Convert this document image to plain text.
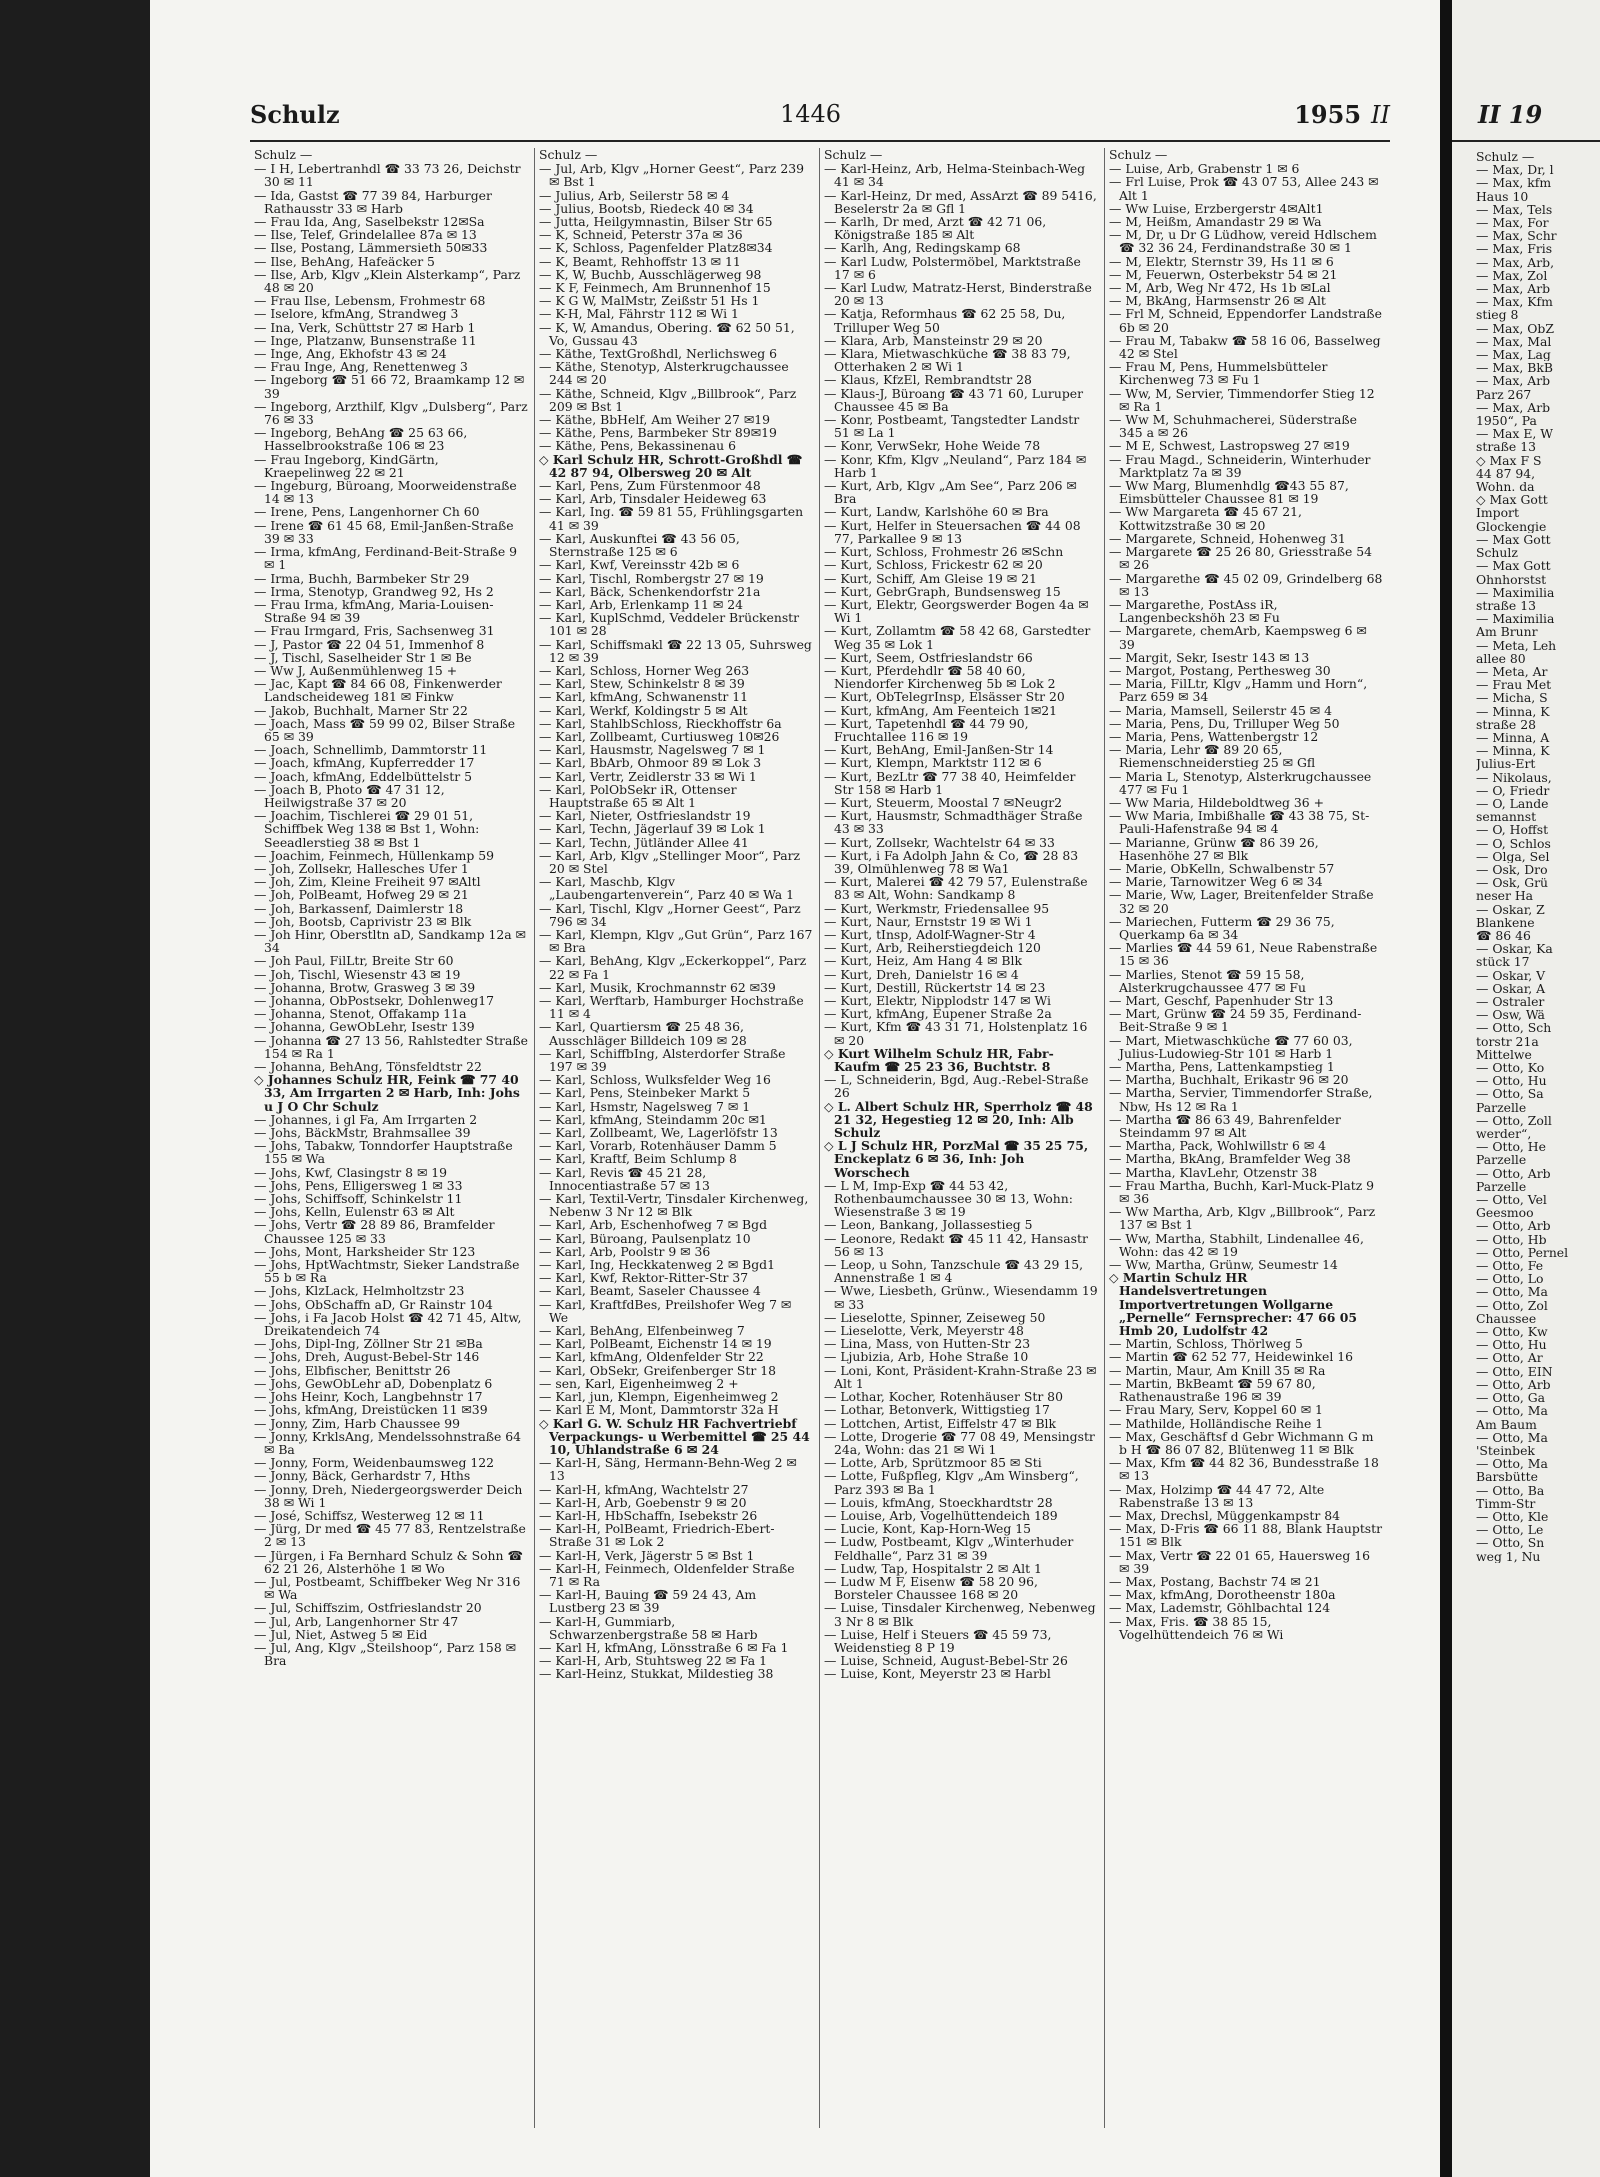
Schulz	1446	1955 II
Schulz —

— I H, Lebertranhdl ☎ 33 73 26, Deichstr 30 ✉ 11

— Ida, Gastst ☎ 77 39 84, Harburger Rathausstr 33 ✉ Harb

— Frau Ida, Ang, Saselbekstr 12✉Sa

— Ilse, Telef, Grindelallee 87a ✉ 13

— Ilse, Postang, Lämmersieth 50✉33

— Ilse, BehAng, Hafeäcker 5

— Ilse, Arb, Klgv „Klein Alsterkamp“, Parz 48 ✉ 20

— Frau Ilse, Lebensm, Frohmestr 68

— Iselore, kfmAng, Strandweg 3

— Ina, Verk, Schüttstr 27 ✉ Harb 1

— Inge, Platzanw, Bunsenstraße 11

— Inge, Ang, Ekhofstr 43 ✉ 24

— Frau Inge, Ang, Renettenweg 3

— Ingeborg ☎ 51 66 72, Braamkamp 12 ✉ 39

— Ingeborg, Arzthilf, Klgv „Dulsberg“, Parz 76 ✉ 33

— Ingeborg, BehAng ☎ 25 63 66, Hasselbrookstraße 106 ✉ 23

— Frau Ingeborg, KindGärtn, Kraepelinweg 22 ✉ 21

— Ingeburg, Büroang, Moorweidenstraße 14 ✉ 13

— Irene, Pens, Langenhorner Ch 60

— Irene ☎ 61 45 68, Emil-Janßen-Straße 39 ✉ 33

— Irma, kfmAng, Ferdinand-Beit-Straße 9 ✉ 1

— Irma, Buchh, Barmbeker Str 29

— Irma, Stenotyp, Grandweg 92, Hs 2

— Frau Irma, kfmAng, Maria-Louisen-Straße 94 ✉ 39

— Frau Irmgard, Fris, Sachsenweg 31

— J, Pastor ☎ 22 04 51, Immenhof 8

— J, Tischl, Saselheider Str 1 ✉ Be

— Ww J, Außenmühlenweg 15 +

— Jac, Kapt ☎ 84 66 08, Finkenwerder Landscheideweg 181 ✉ Finkw

— Jakob, Buchhalt, Marner Str 22

— Joach, Mass ☎ 59 99 02, Bilser Straße 65 ✉ 39

— Joach, Schnellimb, Dammtorstr 11

— Joach, kfmAng, Kupferredder 17

— Joach, kfmAng, Eddelbüttelstr 5

— Joach B, Photo ☎ 47 31 12, Heilwigstraße 37 ✉ 20

— Joachim, Tischlerei ☎ 29 01 51, Schiffbek Weg 138 ✉ Bst 1, Wohn: Seeadlerstieg 38 ✉ Bst 1

— Joachim, Feinmech, Hüllenkamp 59

— Joh, Zollsekr, Hallesches Ufer 1

— Joh, Zim, Kleine Freiheit 97 ✉Altl

— Joh, PolBeamt, Hofweg 29 ✉ 21

— Joh, Barkassenf, Daimlerstr 18

— Joh, Bootsb, Caprivistr 23 ✉ Blk

— Joh Hinr, Oberstltn aD, Sandkamp 12a ✉ 34

— Joh Paul, FilLtr, Breite Str 60

— Joh, Tischl, Wiesenstr 43 ✉ 19

— Johanna, Brotw, Grasweg 3 ✉ 39

— Johanna, ObPostsekr, Dohlenweg17

— Johanna, Stenot, Offakamp 11a

— Johanna, GewObLehr, Isestr 139

— Johanna ☎ 27 13 56, Rahlstedter Straße 154 ✉ Ra 1

— Johanna, BehAng, Tönsfeldtstr 22

◇ Johannes Schulz HR, Feink ☎ 77 40 33, Am Irrgarten 2 ✉ Harb, Inh: Johs u J O Chr Schulz

— Johannes, i gl Fa, Am Irrgarten 2

— Johs, BäckMstr, Brahmsallee 39

— Johs, Tabakw, Tonndorfer Hauptstraße 155 ✉ Wa

— Johs, Kwf, Clasingstr 8 ✉ 19

— Johs, Pens, Elligersweg 1 ✉ 33

— Johs, Schiffsoff, Schinkelstr 11

— Johs, Kelln, Eulenstr 63 ✉ Alt

— Johs, Vertr ☎ 28 89 86, Bramfelder Chaussee 125 ✉ 33

— Johs, Mont, Harksheider Str 123

— Johs, HptWachtmstr, Sieker Landstraße 55 b ✉ Ra

— Johs, KlzLack, Helmholtzstr 23

— Johs, ObSchaffn aD, Gr Rainstr 104

— Johs, i Fa Jacob Holst ☎ 42 71 45, Altw, Dreikatendeich 74

— Johs, Dipl-Ing, Zöllner Str 21 ✉Ba

— Johs, Dreh, August-Bebel-Str 146

— Johs, Elbfischer, Benittstr 26

— Johs, GewObLehr aD, Dobenplatz 6

— Johs Heinr, Koch, Langbehnstr 17

— Johs, kfmAng, Dreistücken 11 ✉39

— Jonny, Zim, Harb Chaussee 99

— Jonny, KrklsAng, Mendelssohnstraße 64 ✉ Ba

— Jonny, Form, Weidenbaumsweg 122

— Jonny, Bäck, Gerhardstr 7, Hths

— Jonny, Dreh, Niedergeorgswerder Deich 38 ✉ Wi 1

— José, Schiffsz, Westerweg 12 ✉ 11

— Jürg, Dr med ☎ 45 77 83, Rentzelstraße 2 ✉ 13

— Jürgen, i Fa Bernhard Schulz & Sohn ☎ 62 21 26, Alsterhöhe 1 ✉ Wo

— Jul, Postbeamt, Schiffbeker Weg Nr 316 ✉ Wa

— Jul, Schiffszim, Ostfrieslandstr 20

— Jul, Arb, Langenhorner Str 47

— Jul, Niet, Astweg 5 ✉ Eid

— Jul, Ang, Klgv „Steilshoop“, Parz 158 ✉ Bra

Schulz —

— Jul, Arb, Klgv „Horner Geest“, Parz 239 ✉ Bst 1

— Julius, Arb, Seilerstr 58 ✉ 4

— Julius, Bootsb, Riedeck 40 ✉ 34

— Jutta, Heilgymnastin, Bilser Str 65

— K, Schneid, Peterstr 37a ✉ 36

— K, Schloss, Pagenfelder Platz8✉34

— K, Beamt, Rehhoffstr 13 ✉ 11

— K, W, Buchb, Ausschlägerweg 98

— K F, Feinmech, Am Brunnenhof 15

— K G W, MalMstr, Zeißstr 51 Hs 1

— K-H, Mal, Fährstr 112 ✉ Wi 1

— K, W, Amandus, Obering. ☎ 62 50 51, Vo, Gussau 43

— Käthe, TextGroßhdl, Nerlichsweg 6

— Käthe, Stenotyp, Alsterkrugchaussee 244 ✉ 20

— Käthe, Schneid, Klgv „Billbrook“, Parz 209 ✉ Bst 1

— Käthe, BbHelf, Am Weiher 27 ✉19

— Käthe, Pens, Barmbeker Str 89✉19

— Käthe, Pens, Bekassinenau 6

◇ Karl Schulz HR, Schrott-Großhdl ☎ 42 87 94, Olbersweg 20 ✉ Alt

— Karl, Pens, Zum Fürstenmoor 48

— Karl, Arb, Tinsdaler Heideweg 63

— Karl, Ing. ☎ 59 81 55, Frühlingsgarten 41 ✉ 39

— Karl, Auskunftei ☎ 43 56 05, Sternstraße 125 ✉ 6

— Karl, Kwf, Vereinsstr 42b ✉ 6

— Karl, Tischl, Rombergstr 27 ✉ 19

— Karl, Bäck, Schenkendorfstr 21a

— Karl, Arb, Erlenkamp 11 ✉ 24

— Karl, KuplSchmd, Veddeler Brückenstr 101 ✉ 28

— Karl, Schiffsmakl ☎ 22 13 05, Suhrsweg 12 ✉ 39

— Karl, Schloss, Horner Weg 263

— Karl, Stew, Schinkelstr 8 ✉ 39

— Karl, kfmAng, Schwanenstr 11

— Karl, Werkf, Koldingstr 5 ✉ Alt

— Karl, StahlbSchloss, Rieckhoffstr 6a

— Karl, Zollbeamt, Curtiusweg 10✉26

— Karl, Hausmstr, Nagelsweg 7 ✉ 1

— Karl, BbArb, Ohmoor 89 ✉ Lok 3

— Karl, Vertr, Zeidlerstr 33 ✉ Wi 1

— Karl, PolObSekr iR, Ottenser Hauptstraße 65 ✉ Alt 1

— Karl, Nieter, Ostfrieslandstr 19

— Karl, Techn, Jägerlauf 39 ✉ Lok 1

— Karl, Techn, Jütländer Allee 41

— Karl, Arb, Klgv „Stellinger Moor“, Parz 20 ✉ Stel

— Karl, Maschb, Klgv „Laubengartenverein“, Parz 40 ✉ Wa 1

— Karl, Tischl, Klgv „Horner Geest“, Parz 796 ✉ 34

— Karl, Klempn, Klgv „Gut Grün“, Parz 167 ✉ Bra

— Karl, BehAng, Klgv „Eckerkoppel“, Parz 22 ✉ Fa 1

— Karl, Musik, Krochmannstr 62 ✉39

— Karl, Werftarb, Hamburger Hochstraße 11 ✉ 4

— Karl, Quartiersm ☎ 25 48 36, Ausschläger Billdeich 109 ✉ 28

— Karl, SchiffbIng, Alsterdorfer Straße 197 ✉ 39

— Karl, Schloss, Wulksfelder Weg 16

— Karl, Pens, Steinbeker Markt 5

— Karl, Hsmstr, Nagelsweg 7 ✉ 1

— Karl, kfmAng, Steindamm 20c ✉1

— Karl, Zollbeamt, We, Lagerlöfstr 13

— Karl, Vorarb, Rotenhäuser Damm 5

— Karl, Kraftf, Beim Schlump 8

— Karl, Revis ☎ 45 21 28, Innocentiastraße 57 ✉ 13

— Karl, Textil-Vertr, Tinsdaler Kirchenweg, Nebenw 3 Nr 12 ✉ Blk

— Karl, Arb, Eschenhofweg 7 ✉ Bgd

— Karl, Büroang, Paulsenplatz 10

— Karl, Arb, Poolstr 9 ✉ 36

— Karl, Ing, Heckkatenweg 2 ✉ Bgd1

— Karl, Kwf, Rektor-Ritter-Str 37

— Karl, Beamt, Saseler Chaussee 4

— Karl, KraftfdBes, Preilshofer Weg 7 ✉ We

— Karl, BehAng, Elfenbeinweg 7

— Karl, PolBeamt, Eichenstr 14 ✉ 19

— Karl, kfmAng, Oldenfelder Str 22

— Karl, ObSekr, Greifenberger Str 18

— sen, Karl, Eigenheimweg 2 +

— Karl, jun, Klempn, Eigenheimweg 2

— Karl E M, Mont, Dammtorstr 32a H

◇ Karl G. W. Schulz HR Fachvertriebf Verpackungs- u Werbemittel ☎ 25 44 10, Uhlandstraße 6 ✉ 24

— Karl-H, Säng, Hermann-Behn-Weg 2 ✉ 13

— Karl-H, kfmAng, Wachtelstr 27

— Karl-H, Arb, Goebenstr 9 ✉ 20

— Karl-H, HbSchaffn, Isebekstr 26

— Karl-H, PolBeamt, Friedrich-Ebert-Straße 31 ✉ Lok 2

— Karl-H, Verk, Jägerstr 5 ✉ Bst 1

— Karl-H, Feinmech, Oldenfelder Straße 71 ✉ Ra

— Karl-H, Bauing ☎ 59 24 43, Am Lustberg 23 ✉ 39

— Karl-H, Gummiarb, Schwarzenbergstraße 58 ✉ Harb

— Karl H, kfmAng, Lönsstraße 6 ✉ Fa 1

— Karl-H, Arb, Stuhtsweg 22 ✉ Fa 1

— Karl-Heinz, Stukkat, Mildestieg 38

Schulz —

— Karl-Heinz, Arb, Helma-Steinbach-Weg 41 ✉ 34

— Karl-Heinz, Dr med, AssArzt ☎ 89 5416, Beselerstr 2a ✉ Gfl 1

— Karlh, Dr med, Arzt ☎ 42 71 06, Königstraße 185 ✉ Alt

— Karlh, Ang, Redingskamp 68

— Karl Ludw, Polstermöbel, Marktstraße 17 ✉ 6

— Karl Ludw, Matratz-Herst, Binderstraße 20 ✉ 13

— Katja, Reformhaus ☎ 62 25 58, Du, Trilluper Weg 50

— Klara, Arb, Mansteinstr 29 ✉ 20

— Klara, Mietwaschküche ☎ 38 83 79, Otterhaken 2 ✉ Wi 1

— Klaus, KfzEl, Rembrandtstr 28

— Klaus-J, Büroang ☎ 43 71 60, Luruper Chaussee 45 ✉ Ba

— Konr, Postbeamt, Tangstedter Landstr 51 ✉ La 1

— Konr, VerwSekr, Hohe Weide 78

— Konr, Kfm, Klgv „Neuland“, Parz 184 ✉ Harb 1

— Kurt, Arb, Klgv „Am See“, Parz 206 ✉ Bra

— Kurt, Landw, Karlshöhe 60 ✉ Bra

— Kurt, Helfer in Steuersachen ☎ 44 08 77, Parkallee 9 ✉ 13

— Kurt, Schloss, Frohmestr 26 ✉Schn

— Kurt, Schloss, Frickestr 62 ✉ 20

— Kurt, Schiff, Am Gleise 19 ✉ 21

— Kurt, GebrGraph, Bundsensweg 15

— Kurt, Elektr, Georgswerder Bogen 4a ✉ Wi 1

— Kurt, Zollamtm ☎ 58 42 68, Garstedter Weg 35 ✉ Lok 1

— Kurt, Seem, Ostfrieslandstr 66

— Kurt, Pferdehdlr ☎ 58 40 60, Niendorfer Kirchenweg 5b ✉ Lok 2

— Kurt, ObTelegrInsp, Elsässer Str 20

— Kurt, kfmAng, Am Feenteich 1✉21

— Kurt, Tapetenhdl ☎ 44 79 90, Fruchtallee 116 ✉ 19

— Kurt, BehAng, Emil-Janßen-Str 14

— Kurt, Klempn, Marktstr 112 ✉ 6

— Kurt, BezLtr ☎ 77 38 40, Heimfelder Str 158 ✉ Harb 1

— Kurt, Steuerm, Moostal 7 ✉Neugr2

— Kurt, Hausmstr, Schmadthäger Straße 43 ✉ 33

— Kurt, Zollsekr, Wachtelstr 64 ✉ 33

— Kurt, i Fa Adolph Jahn & Co, ☎ 28 83 39, Olmühlenweg 78 ✉ Wa1

— Kurt, Malerei ☎ 42 79 57, Eulenstraße 83 ✉ Alt, Wohn: Sandkamp 8

— Kurt, Werkmstr, Friedensallee 95

— Kurt, Naur, Ernststr 19 ✉ Wi 1

— Kurt, tInsp, Adolf-Wagner-Str 4

— Kurt, Arb, Reiherstiegdeich 120

— Kurt, Heiz, Am Hang 4 ✉ Blk

— Kurt, Dreh, Danielstr 16 ✉ 4

— Kurt, Destill, Rückertstr 14 ✉ 23

— Kurt, Elektr, Nipplodstr 147 ✉ Wi

— Kurt, kfmAng, Eupener Straße 2a

— Kurt, Kfm ☎ 43 31 71, Holstenplatz 16 ✉ 20

◇ Kurt Wilhelm Schulz HR, Fabr-Kaufm ☎ 25 23 36, Buchtstr. 8

— L, Schneiderin, Bgd, Aug.-Rebel-Straße 26

◇ L. Albert Schulz HR, Sperrholz ☎ 48 21 32, Hegestieg 12 ✉ 20, Inh: Alb Schulz

◇ L J Schulz HR, PorzMal ☎ 35 25 75, Enckeplatz 6 ✉ 36, Inh: Joh Worschech

— L M, Imp-Exp ☎ 44 53 42, Rothenbaumchaussee 30 ✉ 13, Wohn: Wiesenstraße 3 ✉ 19

— Leon, Bankang, Jollassestieg 5

— Leonore, Redakt ☎ 45 11 42, Hansastr 56 ✉ 13

— Leop, u Sohn, Tanzschule ☎ 43 29 15, Annenstraße 1 ✉ 4

— Wwe, Liesbeth, Grünw., Wiesendamm 19 ✉ 33

— Lieselotte, Spinner, Zeiseweg 50

— Lieselotte, Verk, Meyerstr 48

— Lina, Mass, von Hutten-Str 23

— Ljubizia, Arb, Hohe Straße 10

— Loni, Kont, Präsident-Krahn-Straße 23 ✉ Alt 1

— Lothar, Kocher, Rotenhäuser Str 80

— Lothar, Betonverk, Wittigstieg 17

— Lottchen, Artist, Eiffelstr 47 ✉ Blk

— Lotte, Drogerie ☎ 77 08 49, Mensingstr 24a, Wohn: das 21 ✉ Wi 1

— Lotte, Arb, Sprützmoor 85 ✉ Sti

— Lotte, Fußpfleg, Klgv „Am Winsberg“, Parz 393 ✉ Ba 1

— Louis, kfmAng, Stoeckhardtstr 28

— Louise, Arb, Vogelhüttendeich 189

— Lucie, Kont, Kap-Horn-Weg 15

— Ludw, Postbeamt, Klgv „Winterhuder Feldhalle“, Parz 31 ✉ 39

— Ludw, Tap, Hospitalstr 2 ✉ Alt 1

— Ludw M F, Eisenw ☎ 58 20 96, Borsteler Chaussee 168 ✉ 20

— Luise, Tinsdaler Kirchenweg, Nebenweg 3 Nr 8 ✉ Blk

— Luise, Helf i Steuers ☎ 45 59 73, Weidenstieg 8 P 19

— Luise, Schneid, August-Bebel-Str 26

— Luise, Kont, Meyerstr 23 ✉ Harbl

Schulz —

— Luise, Arb, Grabenstr 1 ✉ 6

— Frl Luise, Prok ☎ 43 07 53, Allee 243 ✉ Alt 1

— Ww Luise, Erzbergerstr 4✉Alt1

— M, Heißm, Amandastr 29 ✉ Wa

— M, Dr, u Dr G Lüdhow, vereid Hdlschem ☎ 32 36 24, Ferdinandstraße 30 ✉ 1

— M, Elektr, Sternstr 39, Hs 11 ✉ 6

— M, Feuerwn, Osterbekstr 54 ✉ 21

— M, Arb, Weg Nr 472, Hs 1b ✉Lal

— M, BkAng, Harmsenstr 26 ✉ Alt

— Frl M, Schneid, Eppendorfer Landstraße 6b ✉ 20

— Frau M, Tabakw ☎ 58 16 06, Basselweg 42 ✉ Stel

— Frau M, Pens, Hummelsbütteler Kirchenweg 73 ✉ Fu 1

— Ww, M, Servier, Timmendorfer Stieg 12 ✉ Ra 1

— Ww M, Schuhmacherei, Süderstraße 345 a ✉ 26

— M E, Schwest, Lastropsweg 27 ✉19

— Frau Magd., Schneiderin, Winterhuder Marktplatz 7a ✉ 39

— Ww Marg, Blumenhdlg ☎43 55 87, Eimsbütteler Chaussee 81 ✉ 19

— Ww Margareta ☎ 45 67 21, Kottwitzstraße 30 ✉ 20

— Margarete, Schneid, Hohenweg 31

— Margarete ☎ 25 26 80, Griesstraße 54 ✉ 26

— Margarethe ☎ 45 02 09, Grindelberg 68 ✉ 13

— Margarethe, PostAss iR, Langenbeckshöh 23 ✉ Fu

— Margarete, chemArb, Kaempsweg 6 ✉ 39

— Margit, Sekr, Isestr 143 ✉ 13

— Margot, Postang, Perthesweg 30

— Maria, FilLtr, Klgv „Hamm und Horn“, Parz 659 ✉ 34

— Maria, Mamsell, Seilerstr 45 ✉ 4

— Maria, Pens, Du, Trilluper Weg 50

— Maria, Pens, Wattenbergstr 12

— Maria, Lehr ☎ 89 20 65, Riemenschneiderstieg 25 ✉ Gfl

— Maria L, Stenotyp, Alsterkrugchaussee 477 ✉ Fu 1

— Ww Maria, Hildeboldtweg 36 +

— Ww Maria, Imbißhalle ☎ 43 38 75, St-Pauli-Hafenstraße 94 ✉ 4

— Marianne, Grünw ☎ 86 39 26, Hasenhöhe 27 ✉ Blk

— Marie, ObKelln, Schwalbenstr 57

— Marie, Tarnowitzer Weg 6 ✉ 34

— Marie, Ww, Lager, Breitenfelder Straße 32 ✉ 20

— Mariechen, Futterm ☎ 29 36 75, Querkamp 6a ✉ 34

— Marlies ☎ 44 59 61, Neue Rabenstraße 15 ✉ 36

— Marlies, Stenot ☎ 59 15 58, Alsterkrugchaussee 477 ✉ Fu

— Mart, Geschf, Papenhuder Str 13

— Mart, Grünw ☎ 24 59 35, Ferdinand-Beit-Straße 9 ✉ 1

— Mart, Mietwaschküche ☎ 77 60 03, Julius-Ludowieg-Str 101 ✉ Harb 1

— Martha, Pens, Lattenkampstieg 1

— Martha, Buchhalt, Erikastr 96 ✉ 20

— Martha, Servier, Timmendorfer Straße, Nbw, Hs 12 ✉ Ra 1

— Martha ☎ 86 63 49, Bahrenfelder Steindamm 97 ✉ Alt

— Martha, Pack, Wohlwillstr 6 ✉ 4

— Martha, BkAng, Bramfelder Weg 38

— Martha, KlavLehr, Otzenstr 38

— Frau Martha, Buchh, Karl-Muck-Platz 9 ✉ 36

— Ww Martha, Arb, Klgv „Billbrook“, Parz 137 ✉ Bst 1

— Ww, Martha, Stabhilt, Lindenallee 46, Wohn: das 42 ✉ 19

— Ww, Martha, Grünw, Seumestr 14

◇ Martin Schulz HR Handelsvertretungen Importvertretungen Wollgarne „Pernelle“ Fernsprecher: 47 66 05 Hmb 20, Ludolfstr 42

— Martin, Schloss, Thörlweg 5

— Martin ☎ 62 52 77, Heidewinkel 16

— Martin, Maur, Am Knill 35 ✉ Ra

— Martin, BkBeamt ☎ 59 67 80, Rathenaustraße 196 ✉ 39

— Frau Mary, Serv, Koppel 60 ✉ 1

— Mathilde, Holländische Reihe 1

— Max, Geschäftsf d Gebr Wichmann G m b H ☎ 86 07 82, Blütenweg 11 ✉ Blk

— Max, Kfm ☎ 44 82 36, Bundesstraße 18 ✉ 13

— Max, Holzimp ☎ 44 47 72, Alte Rabenstraße 13 ✉ 13

— Max, Drechsl, Müggenkampstr 84

— Max, D-Fris ☎ 66 11 88, Blank Hauptstr 151 ✉ Blk

— Max, Vertr ☎ 22 01 65, Hauersweg 16 ✉ 39

— Max, Postang, Bachstr 74 ✉ 21

— Max, kfmAng, Dorotheenstr 180a

— Max, Lademstr, Göhlbachtal 124

— Max, Fris. ☎ 38 85 15, Vogelhüttendeich 76 ✉ Wi

II 19
Schulz —
— Max, Dr, l
— Max, kfm
Haus 10
— Max, Tels
— Max, For
— Max, Schr
— Max, Fris
— Max, Arb,
— Max, Zol
— Max, Arb
— Max, Kfm
stieg 8
— Max, ObZ
— Max, Mal
— Max, Lag
— Max, BkB
— Max, Arb
Parz 267
— Max, Arb
1950“, Pa
— Max E, W
straße 13
◇ Max F S
44 87 94,
Wohn. da
◇ Max Gott
Import
Glockengie
— Max Gott
Schulz
— Max Gott
Ohnhorstst
— Maximilia
straße 13
— Maximilia
Am Brunr
— Meta, Leh
allee 80
— Meta, Ar
— Frau Met
— Micha, S
— Minna, K
straße 28
— Minna, A
— Minna, K
Julius-Ert
— Nikolaus,
— O, Friedr
— O, Lande
semannst
— O, Hoffst
— O, Schlos
— Olga, Sel
— Osk, Dro
— Osk, Grü
neser Ha
— Oskar, Z
Blankene
☎ 86 46
— Oskar, Ka
stück 17
— Oskar, V
— Oskar, A
— Ostraler
— Osw, Wä
— Otto, Sch
torstr 21a
Mittelwe
— Otto, Ko
— Otto, Hu
— Otto, Sa
Parzelle
— Otto, Zoll
werder“,
— Otto, He
Parzelle
— Otto, Arb
Parzelle
— Otto, Vel
Geesmoo
— Otto, Arb
— Otto, Hb
— Otto, Pernel
— Otto, Fe
— Otto, Lo
— Otto, Ma
— Otto, Zol
Chaussee
— Otto, Kw
— Otto, Hu
— Otto, Ar
— Otto, EIN
— Otto, Arb
— Otto, Ga
— Otto, Ma
Am Baum
— Otto, Ma
'Steinbek
— Otto, Ma
Barsbütte
— Otto, Ba
Timm-Str
— Otto, Kle
— Otto, Le
— Otto, Sn
weg 1, Nu
